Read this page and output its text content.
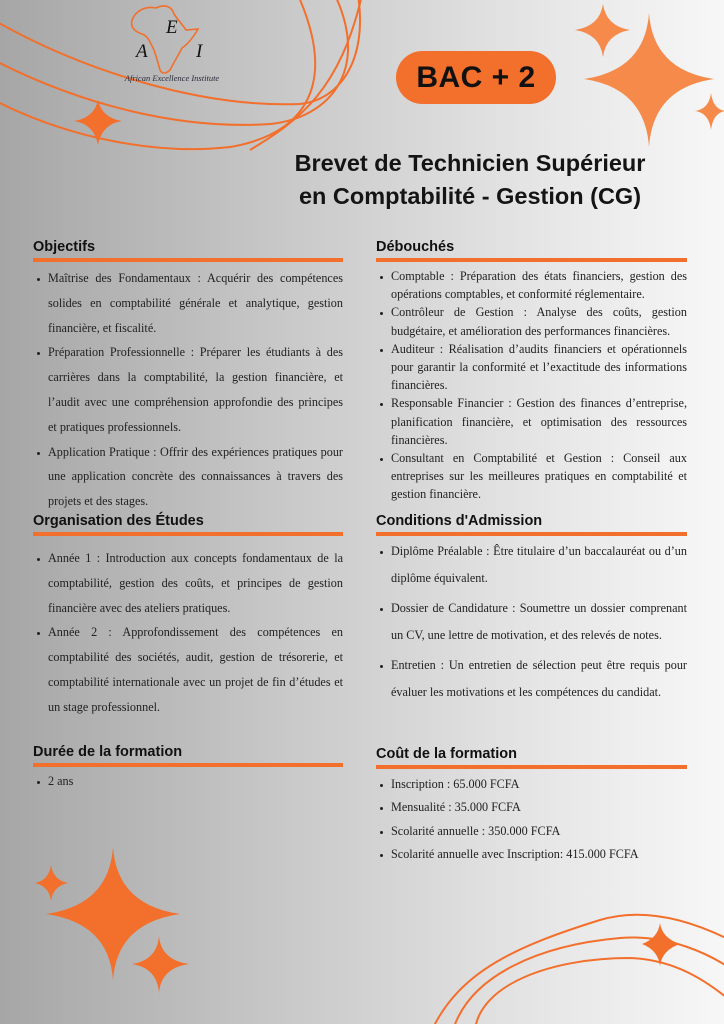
A
E
I
African Excellence Institute	BAC + 2
Brevet de Technicien Supérieur
en Comptabilité - Gestion (CG)
Objectifs
Maîtrise des Fondamentaux : Acquérir des compétences solides en comptabilité générale et analytique, gestion financière, et fiscalité.
Préparation Professionnelle : Préparer les étudiants à des carrières dans la comptabilité, la gestion financière, et l’audit avec une compréhension approfondie des principes et pratiques professionnels.
Application Pratique : Offrir des expériences pratiques pour une application concrète des connaissances à travers des projets et des stages.
Débouchés
Comptable : Préparation des états financiers, gestion des opérations comptables, et conformité réglementaire.
Contrôleur de Gestion : Analyse des coûts, gestion budgétaire, et amélioration des performances financières.
Auditeur : Réalisation d’audits financiers et opérationnels pour garantir la conformité et l’exactitude des informations financières.
Responsable Financier : Gestion des finances d’entreprise, planification financière, et optimisation des ressources financières.
Consultant en Comptabilité et Gestion : Conseil aux entreprises sur les meilleures pratiques en comptabilité et gestion financière.
Organisation des Études
Année 1 : Introduction aux concepts fondamentaux de la comptabilité, gestion des coûts, et principes de gestion financière avec des ateliers pratiques.
Année 2 : Approfondissement des compétences en comptabilité des sociétés, audit, gestion de trésorerie, et comptabilité internationale avec un projet de fin d’études et un stage professionnel.
Conditions d'Admission
Diplôme Préalable : Être titulaire d’un baccalauréat ou d’un diplôme équivalent.
Dossier de Candidature : Soumettre un dossier comprenant un CV, une lettre de motivation, et des relevés de notes.
Entretien : Un entretien de sélection peut être requis pour évaluer les motivations et les compétences du candidat.
Durée de la formation
2 ans
Coût de la formation
Inscription : 65.000 FCFA
Mensualité : 35.000 FCFA
Scolarité annuelle : 350.000 FCFA
Scolarité annuelle avec Inscription: 415.000 FCFA
